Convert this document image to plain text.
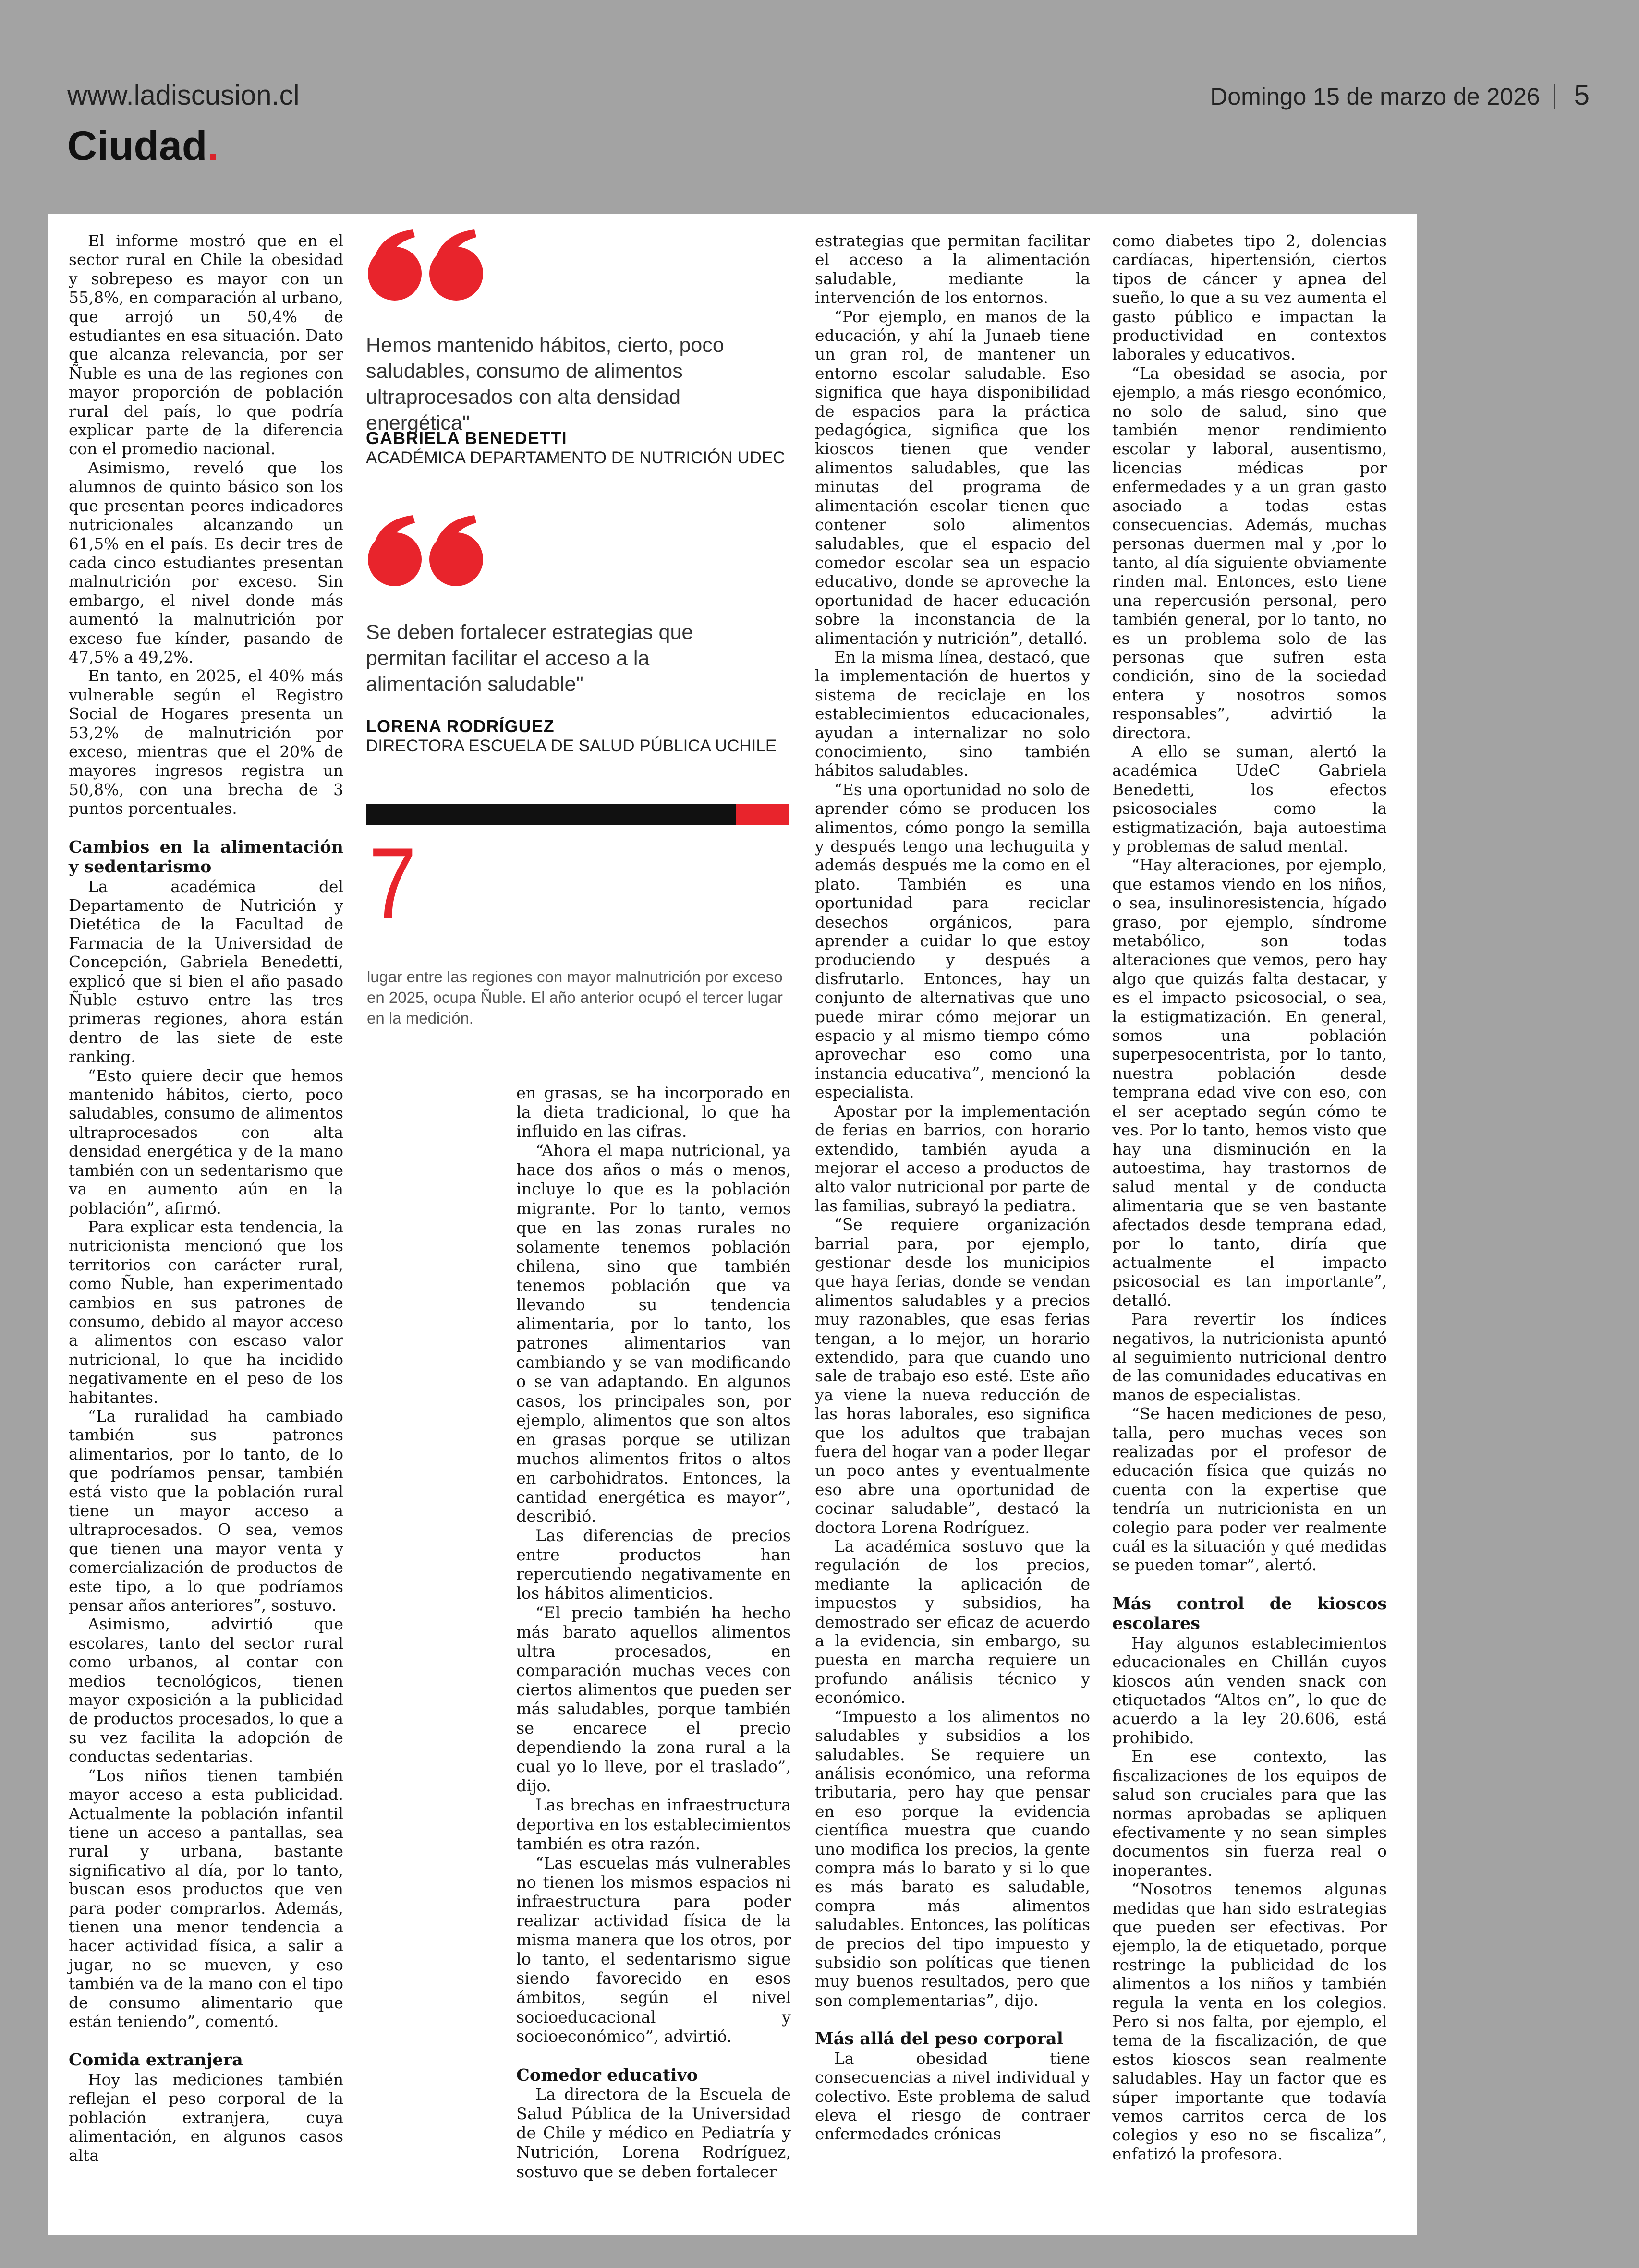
www.ladiscusion.cl	Domingo 15 de marzo de 2026 5
Ciudad.
Hemos mantenido hábitos, cierto, poco saludables, consumo de alimentos ultraprocesados con alta densidad energética"
GABRIELA BENEDETTI
ACADÉMICA DEPARTAMENTO DE NUTRICIÓN UDEC
Se deben fortalecer estrategias que permitan facilitar el acceso a la alimentación saludable"
LORENA RODRÍGUEZ
DIRECTORA ESCUELA DE SALUD PÚBLICA UCHILE
7
lugar entre las regiones con mayor malnutrición por exceso en 2025, ocupa Ñuble. El año anterior ocupó el tercer lugar en la medición.

El informe mostró que en el sector rural en Chile la obesidad y sobrepeso es mayor con un 55,8%, en comparación al urbano, que arrojó un 50,4% de estudiantes en esa situación. Dato que alcanza relevancia, por ser Ñuble es una de las regiones con mayor proporción de población rural del país, lo que podría explicar parte de la diferencia con el promedio nacional.

Asimismo, reveló que los alumnos de quinto básico son los que presentan peores indicadores nutricionales alcanzando un 61,5% en el país. Es decir tres de cada cinco estudiantes presentan malnutrición por exceso. Sin embargo, el nivel donde más aumentó la malnutrición por exceso fue kínder, pasando de 47,5% a 49,2%.

En tanto, en 2025, el 40% más vulnerable según el Registro Social de Hogares presenta un 53,2% de malnutrición por exceso, mientras que el 20% de mayores ingresos registra un 50,8%, con una brecha de 3 puntos porcentuales.

Cambios en la alimentación y sedentarismo

La académica del Departamento de Nutrición y Dietética de la Facultad de Farmacia de la Universidad de Concepción, Gabriela Benedetti, explicó que si bien el año pasado Ñuble estuvo entre las tres primeras regiones, ahora están dentro de las siete de este ranking.

“Esto quiere decir que hemos mantenido hábitos, cierto, poco saludables, consumo de alimentos ultraprocesados con alta densidad energética y de la mano también con un sedentarismo que va en aumento aún en la población”, afirmó.

Para explicar esta tendencia, la nutricionista mencionó que los territorios con carácter rural, como Ñuble, han experimentado cambios en sus patrones de consumo, debido al mayor acceso a alimentos con escaso valor nutricional, lo que ha incidido negativamente en el peso de los habitantes.

“La ruralidad ha cambiado también sus patrones alimentarios, por lo tanto, de lo que podríamos pensar, también está visto que la población rural tiene un mayor acceso a ultraprocesados. O sea, vemos que tienen una mayor venta y comercialización de productos de este tipo, a lo que podríamos pensar años anteriores”, sostuvo.

Asimismo, advirtió que escolares, tanto del sector rural como urbanos, al contar con medios tecnológicos, tienen mayor exposición a la publicidad de productos procesados, lo que a su vez facilita la adopción de conductas sedentarias.

“Los niños tienen también mayor acceso a esta publicidad. Actualmente la población infantil tiene un acceso a pantallas, sea rural y urbana, bastante significativo al día, por lo tanto, buscan esos productos que ven para poder comprarlos. Además, tienen una menor tendencia a hacer actividad física, a salir a jugar, no se mueven, y eso también va de la mano con el tipo de consumo alimentario que están teniendo”, comentó.

Comida extranjera

Hoy las mediciones también reflejan el peso corporal de la población extranjera, cuya alimentación, en algunos casos alta

en grasas, se ha incorporado en la dieta tradicional, lo que ha influido en las cifras.

“Ahora el mapa nutricional, ya hace dos años o más o menos, incluye lo que es la población migrante. Por lo tanto, vemos que en las zonas rurales no solamente tenemos población chilena, sino que también tenemos población que va llevando su tendencia alimentaria, por lo tanto, los patrones alimentarios van cambiando y se van modificando o se van adaptando. En algunos casos, los principales son, por ejemplo, alimentos que son altos en grasas porque se utilizan muchos alimentos fritos o altos en carbohidratos. Entonces, la cantidad energética es mayor”, describió.

Las diferencias de precios entre productos han repercutiendo negativamente en los hábitos alimenticios.

“El precio también ha hecho más barato aquellos alimentos ultra procesados, en comparación muchas veces con ciertos alimentos que pueden ser más saludables, porque también se encarece el precio dependiendo la zona rural a la cual yo lo lleve, por el traslado”, dijo.

Las brechas en infraestructura deportiva en los establecimientos también es otra razón.

“Las escuelas más vulnerables no tienen los mismos espacios ni infraestructura para poder realizar actividad física de la misma manera que los otros, por lo tanto, el sedentarismo sigue siendo favorecido en esos ámbitos, según el nivel socioeducacional y socioeconómico”, advirtió.

Comedor educativo

La directora de la Escuela de Salud Pública de la Universidad de Chile y médico en Pediatría y Nutrición, Lorena Rodríguez, sostuvo que se deben fortalecer

estrategias que permitan facilitar el acceso a la alimentación saludable, mediante la intervención de los entornos.

“Por ejemplo, en manos de la educación, y ahí la Junaeb tiene un gran rol, de mantener un entorno escolar saludable. Eso significa que haya disponibilidad de espacios para la práctica pedagógica, significa que los kioscos tienen que vender alimentos saludables, que las minutas del programa de alimentación escolar tienen que contener solo alimentos saludables, que el espacio del comedor escolar sea un espacio educativo, donde se aproveche la oportunidad de hacer educación sobre la inconstancia de la alimentación y nutrición”, detalló.

En la misma línea, destacó, que la implementación de huertos y sistema de reciclaje en los establecimientos educacionales, ayudan a internalizar no solo conocimiento, sino también hábitos saludables.

“Es una oportunidad no solo de aprender cómo se producen los alimentos, cómo pongo la semilla y después tengo una lechuguita y además después me la como en el plato. También es una oportunidad para reciclar desechos orgánicos, para aprender a cuidar lo que estoy produciendo y después a disfrutarlo. Entonces, hay un conjunto de alternativas que uno puede mirar cómo mejorar un espacio y al mismo tiempo cómo aprovechar eso como una instancia educativa”, mencionó la especialista.

Apostar por la implementación de ferias en barrios, con horario extendido, también ayuda a mejorar el acceso a productos de alto valor nutricional por parte de las familias, subrayó la pediatra.

“Se requiere organización barrial para, por ejemplo, gestionar desde los municipios que haya ferias, donde se vendan alimentos saludables y a precios muy razonables, que esas ferias tengan, a lo mejor, un horario extendido, para que cuando uno sale de trabajo eso esté. Este año ya viene la nueva reducción de las horas laborales, eso significa que los adultos que trabajan fuera del hogar van a poder llegar un poco antes y eventualmente eso abre una oportunidad de cocinar saludable”, destacó la doctora Lorena Rodríguez.

La académica sostuvo que la regulación de los precios, mediante la aplicación de impuestos y subsidios, ha demostrado ser eficaz de acuerdo a la evidencia, sin embargo, su puesta en marcha requiere un profundo análisis técnico y económico.

“Impuesto a los alimentos no saludables y subsidios a los saludables. Se requiere un análisis económico, una reforma tributaria, pero hay que pensar en eso porque la evidencia científica muestra que cuando uno modifica los precios, la gente compra más lo barato y si lo que es más barato es saludable, compra más alimentos saludables. Entonces, las políticas de precios del tipo impuesto y subsidio son políticas que tienen muy buenos resultados, pero que son complementarias”, dijo.

Más allá del peso corporal

La obesidad tiene consecuencias a nivel individual y colectivo. Este problema de salud eleva el riesgo de contraer enfermedades crónicas

como diabetes tipo 2, dolencias cardíacas, hipertensión, ciertos tipos de cáncer y apnea del sueño, lo que a su vez aumenta el gasto público e impactan la productividad en contextos laborales y educativos.

“La obesidad se asocia, por ejemplo, a más riesgo económico, no solo de salud, sino que también menor rendimiento escolar y laboral, ausentismo, licencias médicas por enfermedades y a un gran gasto asociado a todas estas consecuencias. Además, muchas personas duermen mal y ,por lo tanto, al día siguiente obviamente rinden mal. Entonces, esto tiene una repercusión personal, pero también general, por lo tanto, no es un problema solo de las personas que sufren esta condición, sino de la sociedad entera y nosotros somos responsables”, advirtió la directora.

A ello se suman, alertó la académica UdeC Gabriela Benedetti, los efectos psicosociales como la estigmatización, baja autoestima y problemas de salud mental.

“Hay alteraciones, por ejemplo, que estamos viendo en los niños, o sea, insulinoresistencia, hígado graso, por ejemplo, síndrome metabólico, son todas alteraciones que vemos, pero hay algo que quizás falta destacar, y es el impacto psicosocial, o sea, la estigmatización. En general, somos una población superpesocentrista, por lo tanto, nuestra población desde temprana edad vive con eso, con el ser aceptado según cómo te ves. Por lo tanto, hemos visto que hay una disminución en la autoestima, hay trastornos de salud mental y de conducta alimentaria que se ven bastante afectados desde temprana edad, por lo tanto, diría que actualmente el impacto psicosocial es tan importante”, detalló.

Para revertir los índices negativos, la nutricionista apuntó al seguimiento nutricional dentro de las comunidades educativas en manos de especialistas.

“Se hacen mediciones de peso, talla, pero muchas veces son realizadas por el profesor de educación física que quizás no cuenta con la expertise que tendría un nutricionista en un colegio para poder ver realmente cuál es la situación y qué medidas se pueden tomar”, alertó.

Más control de kioscos escolares

Hay algunos establecimientos educacionales en Chillán cuyos kioscos aún venden snack con etiquetados “Altos en”, lo que de acuerdo a la ley 20.606, está prohibido.

En ese contexto, las fiscalizaciones de los equipos de salud son cruciales para que las normas aprobadas se apliquen efectivamente y no sean simples documentos sin fuerza real o inoperantes.

“Nosotros tenemos algunas medidas que han sido estrategias que pueden ser efectivas. Por ejemplo, la de etiquetado, porque restringe la publicidad de los alimentos a los niños y también regula la venta en los colegios. Pero si nos falta, por ejemplo, el tema de la fiscalización, de que estos kioscos sean realmente saludables. Hay un factor que es súper importante que todavía vemos carritos cerca de los colegios y eso no se fiscaliza”, enfatizó la profesora.
